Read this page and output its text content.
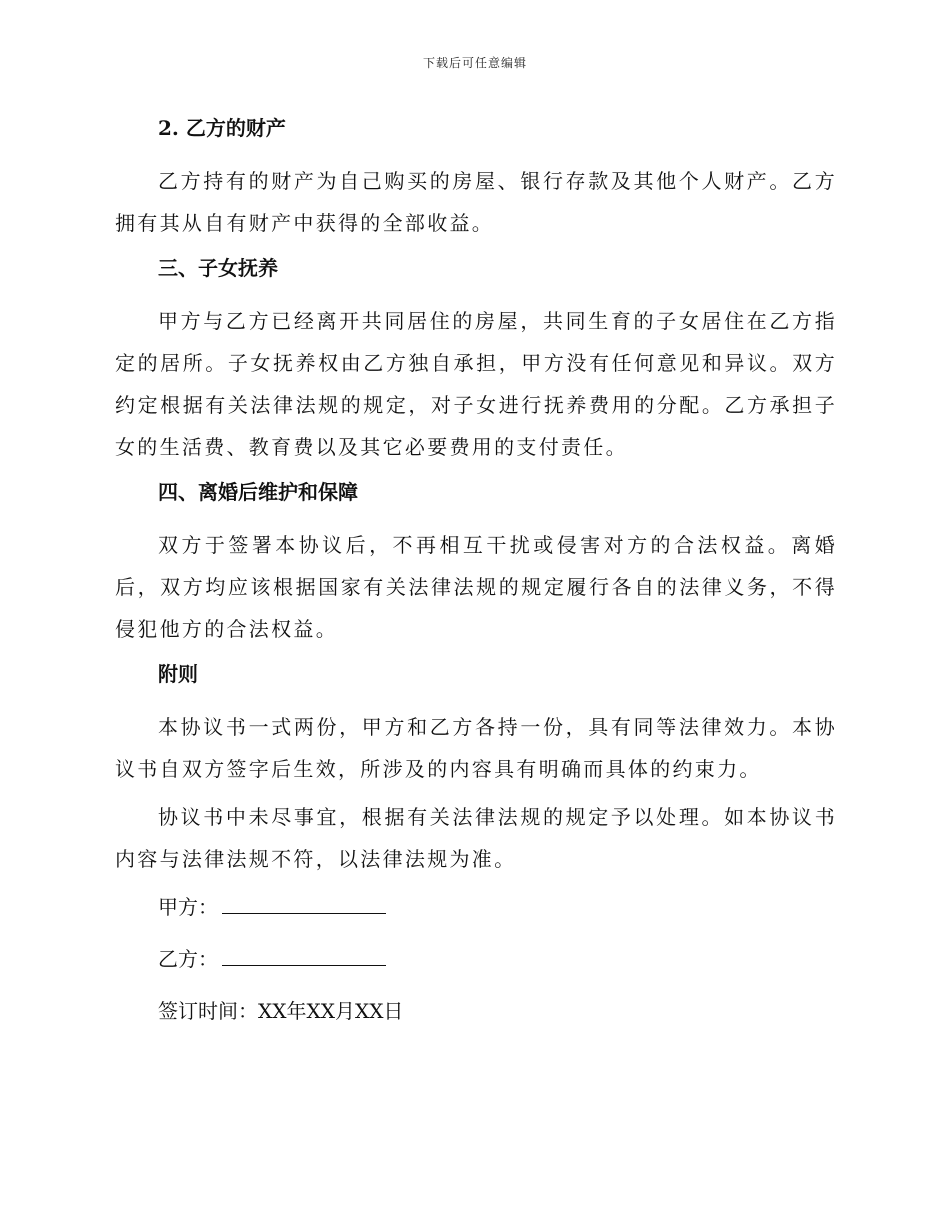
下载后可任意编辑

2. 乙方的财产

乙方持有的财产为自己购买的房屋、银行存款及其他个人财产。乙方拥有其从自有财产中获得的全部收益。

三、子女抚养

甲方与乙方已经离开共同居住的房屋，共同生育的子女居住在乙方指定的居所。子女抚养权由乙方独自承担，甲方没有任何意见和异议。双方约定根据有关法律法规的规定，对子女进行抚养费用的分配。乙方承担子女的生活费、教育费以及其它必要费用的支付责任。

四、离婚后维护和保障

双方于签署本协议后，不再相互干扰或侵害对方的合法权益。离婚后，双方均应该根据国家有关法律法规的规定履行各自的法律义务，不得侵犯他方的合法权益。

附则

本协议书一式两份，甲方和乙方各持一份，具有同等法律效力。本协议书自双方签字后生效，所涉及的内容具有明确而具体的约束力。

协议书中未尽事宜，根据有关法律法规的规定予以处理。如本协议书内容与法律法规不符，以法律法规为准。

甲方：

乙方：

签订时间：XX年XX月XX日
